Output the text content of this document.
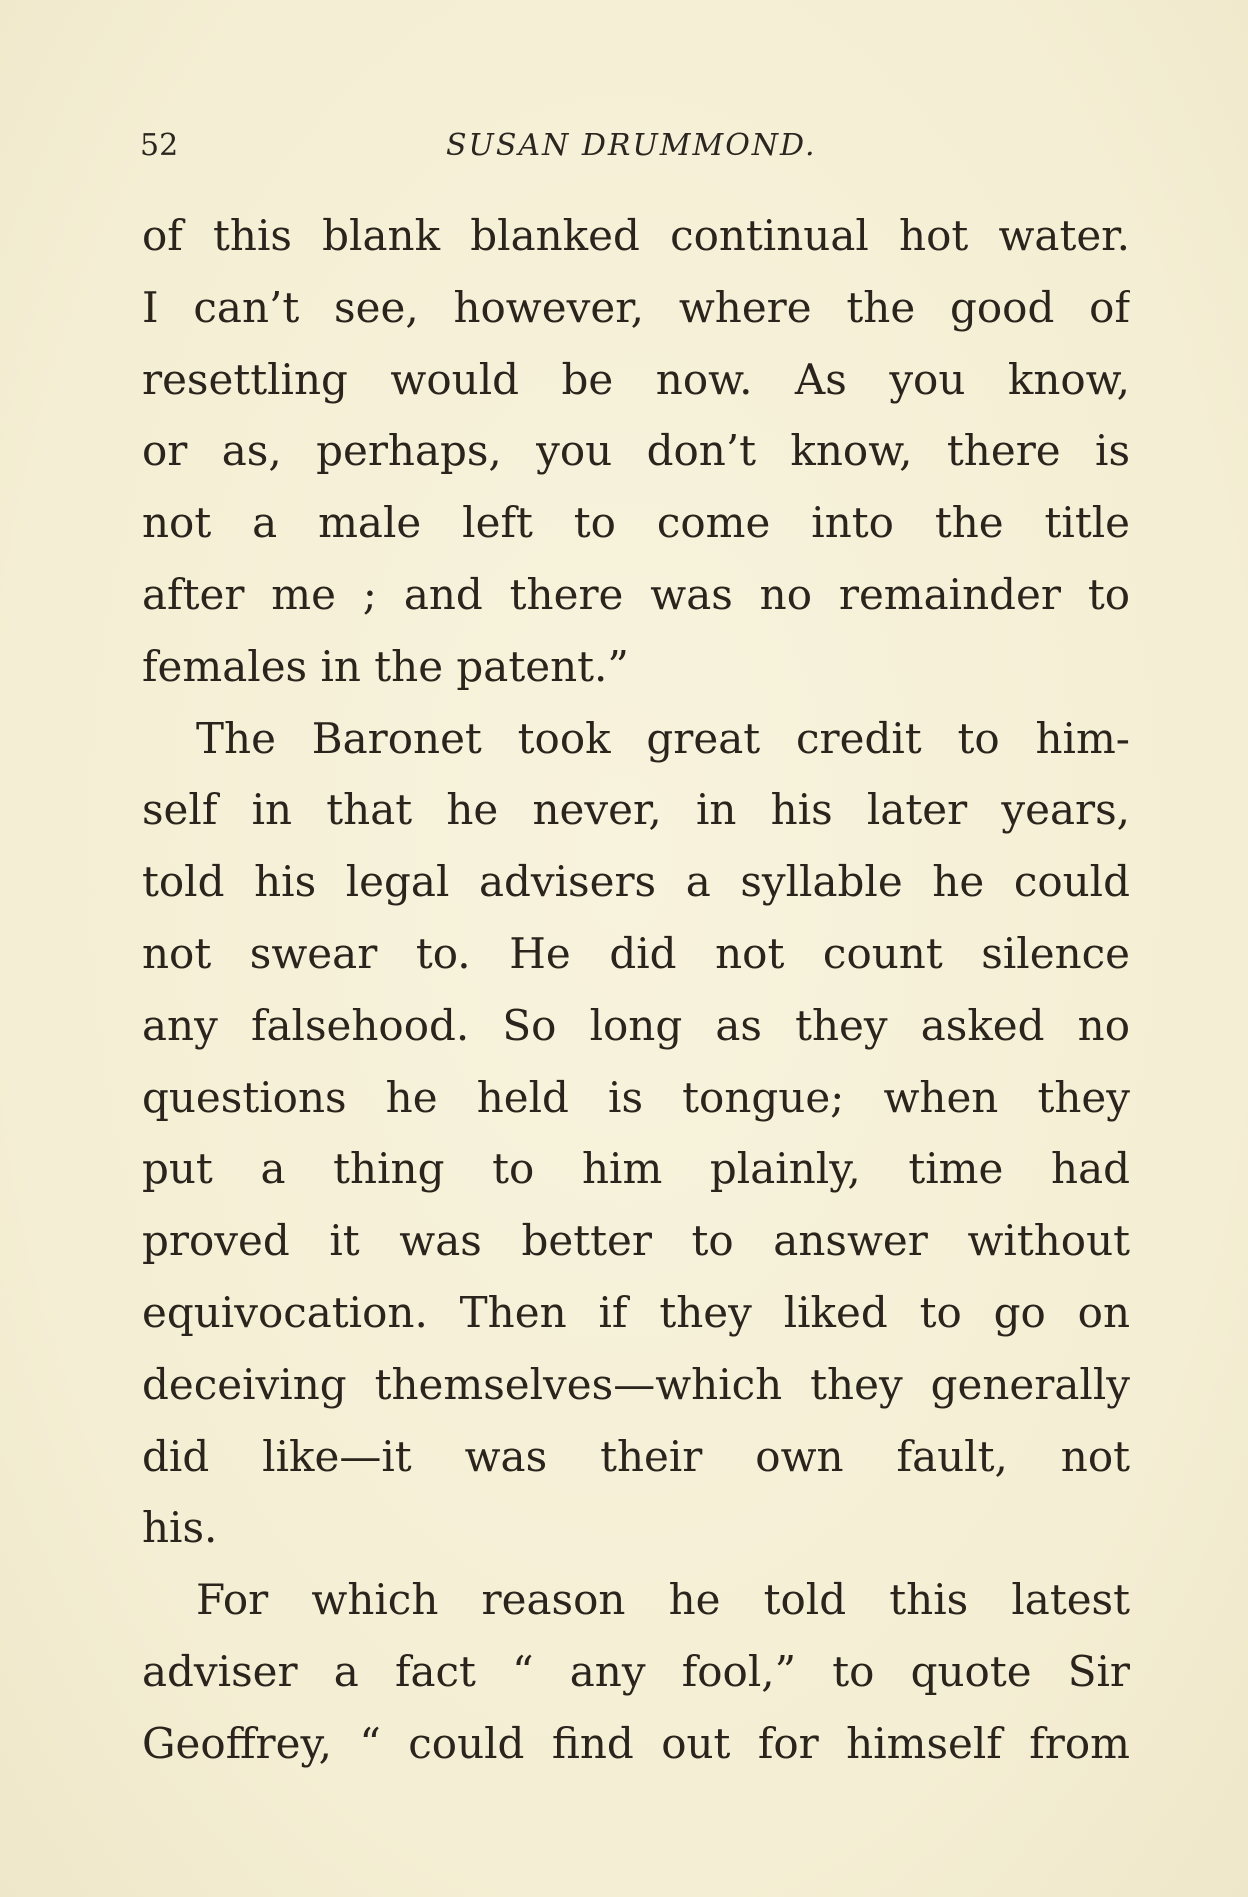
52	SUSAN DRUMMOND.
of this blank blanked continual hot water.
I can’t see, however, where the good of
resettling would be now. As you know,
or as, perhaps, you don’t know, there is
not a male left to come into the title
after me ; and there was no remainder to
females in the patent.”
The Baronet took great credit to him-
self in that he never, in his later years,
told his legal advisers a syllable he could
not swear to. He did not count silence
any falsehood. So long as they asked no
questions he held is tongue; when they
put a thing to him plainly, time had
proved it was better to answer without
equivocation. Then if they liked to go on
deceiving themselves—which they generally
did like—it was their own fault, not
his.
For which reason he told this latest
adviser a fact “ any fool,” to quote Sir
Geoffrey, “ could find out for himself from
